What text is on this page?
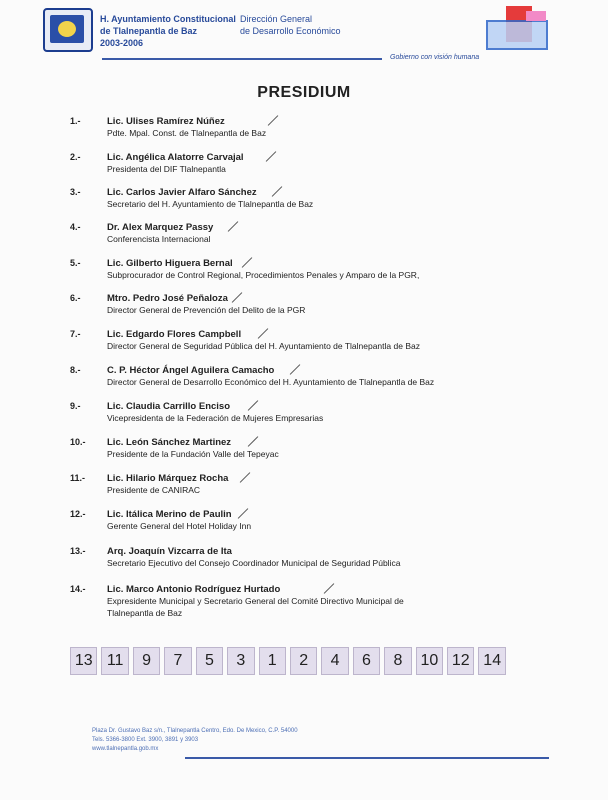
H. Ayuntamiento Constitucional
de Tlalnepantla de Baz
2003-2006
Dirección General
de Desarrollo Económico
Gobierno con visión humana
PRESIDIUM
1.-	Lic. Ulises Ramírez Núñez
Pdte. Mpal. Const. de Tlalnepantla de Baz
2.-	Lic. Angélica Alatorre Carvajal
Presidenta del DIF Tlalnepantla
3.-	Lic. Carlos Javier Alfaro Sánchez
Secretario del H. Ayuntamiento de Tlalnepantla de Baz
4.-	Dr. Alex Marquez Passy
Conferencista Internacional
5.-	Lic. Gilberto Higuera Bernal
Subprocurador de Control Regional, Procedimientos Penales y Amparo de la PGR,
6.-	Mtro. Pedro José Peñaloza
Director General de Prevención del Delito de la PGR
7.-	Lic. Edgardo Flores Campbell
Director General de Seguridad Pública del H. Ayuntamiento de Tlalnepantla de Baz
8.-	C. P. Héctor Ángel Aguilera Camacho
Director General de Desarrollo Económico del H. Ayuntamiento de Tlalnepantla de Baz
9.-	Lic. Claudia Carrillo Enciso
Vicepresidenta de la Federación de Mujeres Empresarias
10.- Lic. León Sánchez Martinez
Presidente de la Fundación Valle del Tepeyac
11.- Lic. Hilario Márquez Rocha
Presidente de CANIRAC
12.- Lic. Itálica Merino de Paulin
Gerente General del Hotel Holiday Inn
13.- Arq. Joaquín Vizcarra de Ita
Secretario Ejecutivo del Consejo Coordinador Municipal de Seguridad Pública
14.- Lic. Marco Antonio Rodríguez Hurtado
Expresidente Municipal y Secretario General del Comité Directivo Municipal de
Tlalnepantla de Baz
13 11	9	7	5	3	1	2	4	6	8	10 12 14
Plaza Dr. Gustavo Baz s/n., Tlalnepantla Centro, Edo. De Mexico, C.P. 54000
Tels. 5366-3800 Ext. 3900, 3891 y 3903
www.tlalnepantla.gob.mx
